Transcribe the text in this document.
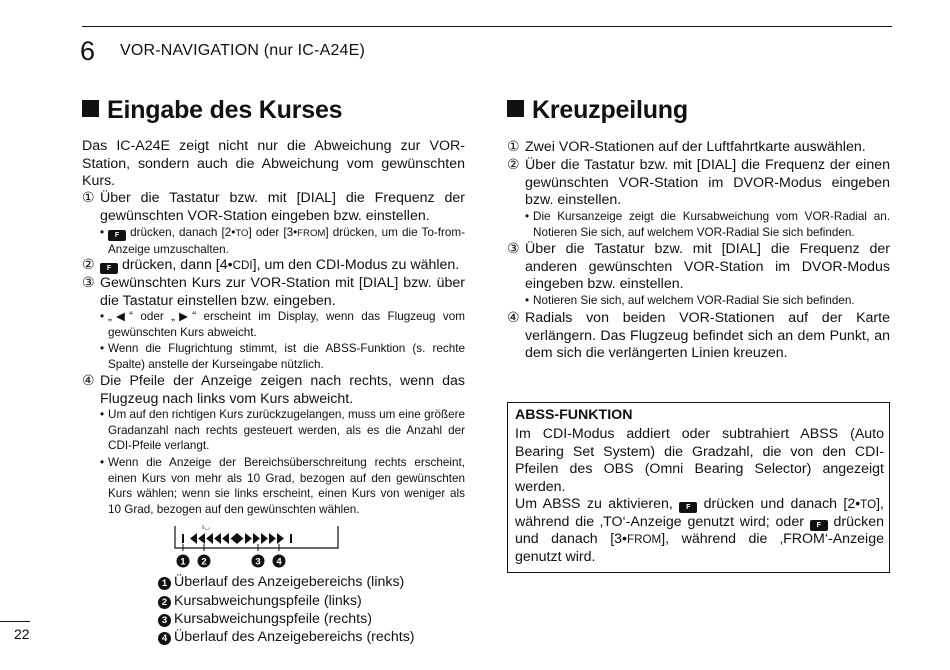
6 VOR-NAVIGATION (nur IC-A24E)
Eingabe des Kurses
Das IC-A24E zeigt nicht nur die Abweichung zur VOR-Station, sondern auch die Abweichung vom gewünschten Kurs.
① Über die Tastatur bzw. mit [DIAL] die Frequenz der gewünschten VOR-Station eingeben bzw. einstellen.
•	F drücken, danach [2•TO] oder [3•FROM] drücken, um die To-from-Anzeige umzuschalten.
②	F drücken, dann [4•CDI], um den CDI-Modus zu wählen.
③ Gewünschten Kurs zur VOR-Station mit [DIAL] bzw. über die Tastatur einstellen bzw. eingeben.
• „◀“ oder „▶“ erscheint im Display, wenn das Flugzeug vom gewünschten Kurs abweicht.
• Wenn die Flugrichtung stimmt, ist die ABSS-Funktion (s. rechte Spalte) anstelle der Kurseingabe nützlich.
④ Die Pfeile der Anzeige zeigen nach rechts, wenn das Flugzeug nach links vom Kurs abweicht.
• Um auf den richtigen Kurs zurückzugelangen, muss um eine größere Gradanzahl nach rechts gesteuert werden, als es die Anzahl der CDI-Pfeile verlangt.
• Wenn die Anzeige der Bereichsüberschreitung rechts erscheint, einen Kurs von mehr als 10 Grad, bezogen auf den gewünschten Kurs wählen; wenn sie links erscheint, einen Kurs von weniger als 10 Grad, bezogen auf den gewünschten wählen.
ı◡
1 2	3 4
1 Überlauf des Anzeigebereichs (links)
2 Kursabweichungspfeile (links)
3 Kursabweichungspfeile (rechts)
4 Überlauf des Anzeigebereichs (rechts)
Kreuzpeilung
① Zwei VOR-Stationen auf der Luftfahrtkarte auswählen.
② Über die Tastatur bzw. mit [DIAL] die Frequenz der einen gewünschten VOR-Station im DVOR-Modus eingeben bzw. einstellen.
• Die Kursanzeige zeigt die Kursabweichung vom VOR-Radial an. Notieren Sie sich, auf welchem VOR-Radial Sie sich befinden.
③ Über die Tastatur bzw. mit [DIAL] die Frequenz der anderen gewünschten VOR-Station im DVOR-Modus eingeben bzw. einstellen.
• Notieren Sie sich, auf welchem VOR-Radial Sie sich befinden.
④ Radials von beiden VOR-Stationen auf der Karte verlängern. Das Flugzeug befindet sich an dem Punkt, an dem sich die verlängerten Linien kreuzen.
ABSS-FUNKTION
Im CDI-Modus addiert oder subtrahiert ABSS (Auto Bearing Set System) die Gradzahl, die von den CDI-Pfeilen des OBS (Omni Bearing Selector) angezeigt werden.
Um ABSS zu aktivieren, F drücken und danach [2•TO], während die ‚TO‘-Anzeige genutzt wird; oder F drücken und danach [3•FROM], während die ‚FROM‘-Anzeige genutzt wird.
22
